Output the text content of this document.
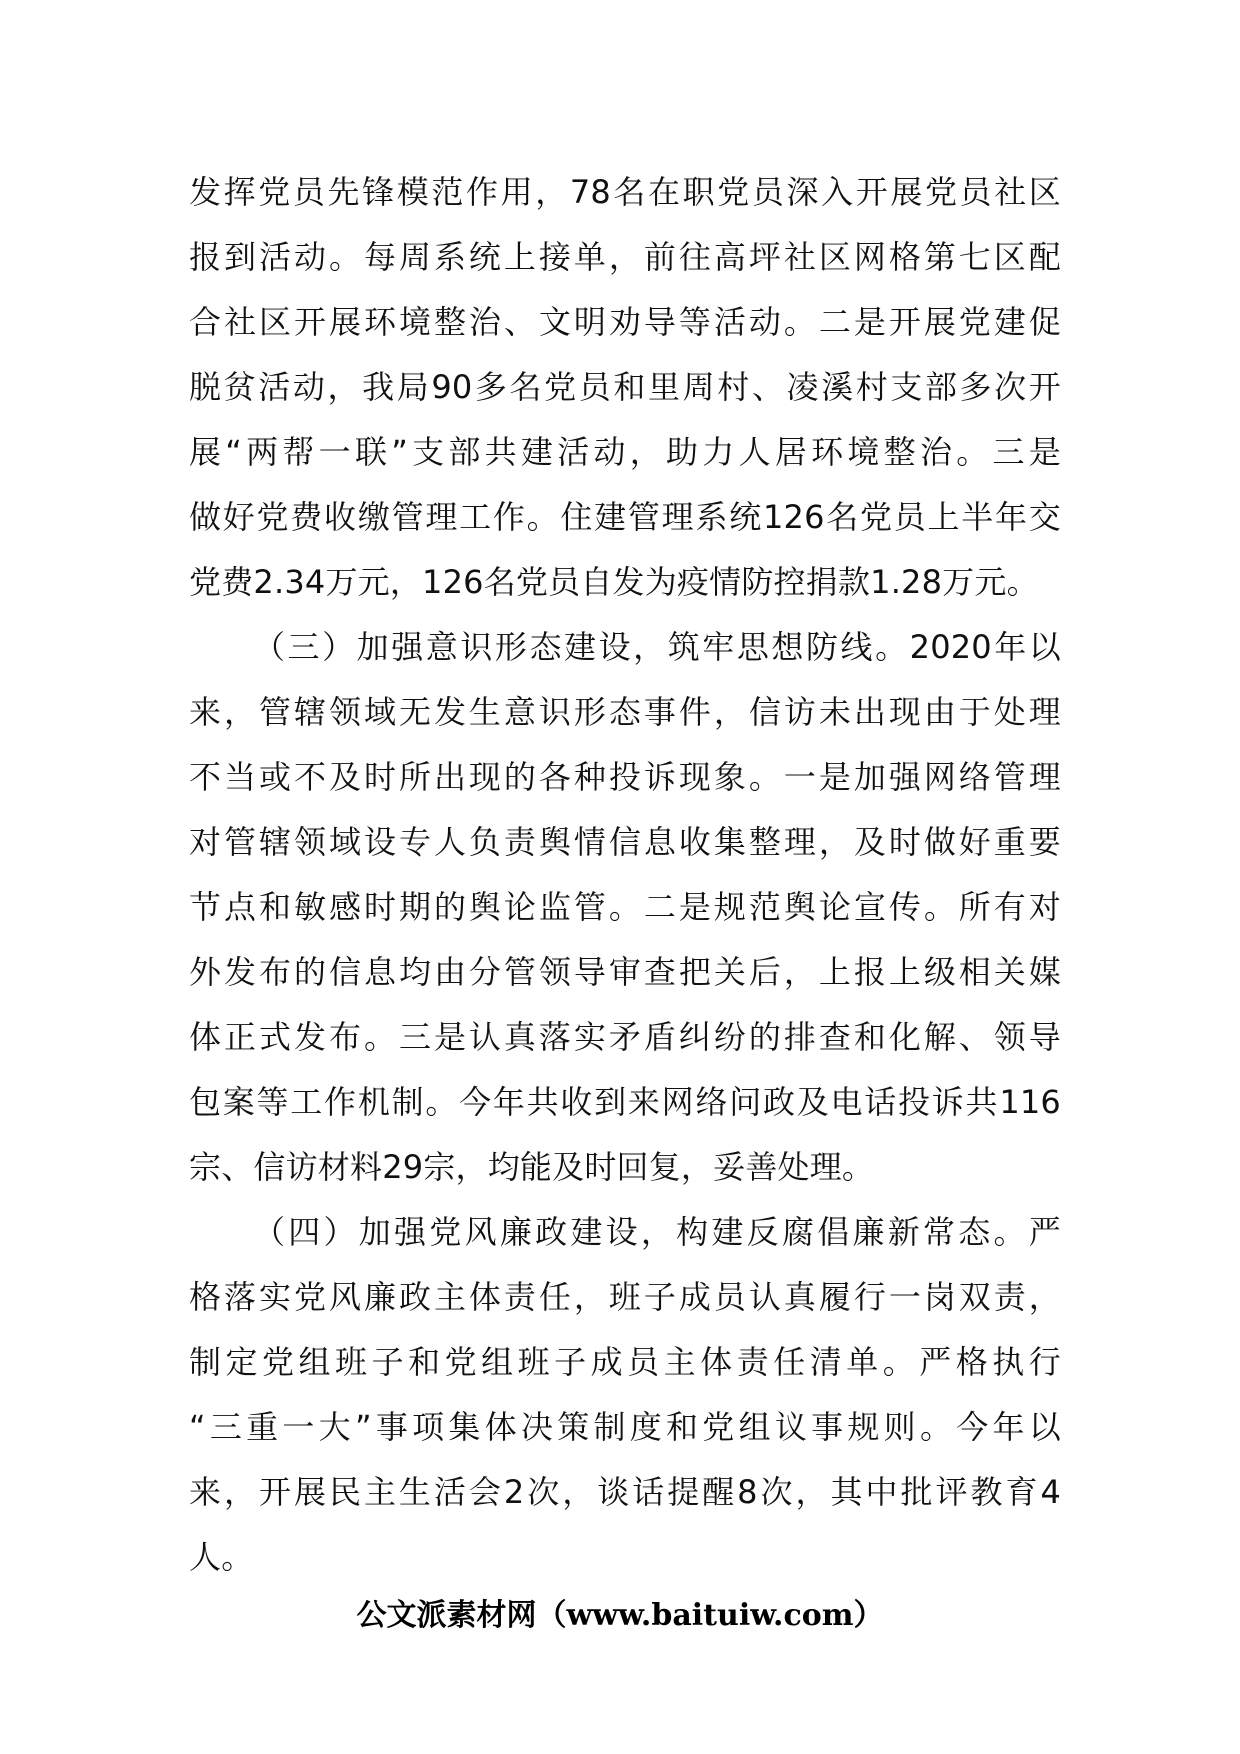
发挥党员先锋模范作用，78名在职党员深入开展党员社区
报到活动。每周系统上接单，前往高坪社区网格第七区配
合社区开展环境整治、文明劝导等活动。二是开展党建促
脱贫活动，我局90多名党员和里周村、凌溪村支部多次开
展“两帮一联”支部共建活动，助力人居环境整治。三是
做好党费收缴管理工作。住建管理系统126名党员上半年交
党费2.34万元，126名党员自发为疫情防控捐款1.28万元。
（三）加强意识形态建设，筑牢思想防线。2020年以
来，管辖领域无发生意识形态事件，信访未出现由于处理
不当或不及时所出现的各种投诉现象。一是加强网络管理
对管辖领域设专人负责舆情信息收集整理，及时做好重要
节点和敏感时期的舆论监管。二是规范舆论宣传。所有对
外发布的信息均由分管领导审查把关后，上报上级相关媒
体正式发布。三是认真落实矛盾纠纷的排查和化解、领导
包案等工作机制。今年共收到来网络问政及电话投诉共116
宗、信访材料29宗，均能及时回复，妥善处理。
（四）加强党风廉政建设，构建反腐倡廉新常态。严
格落实党风廉政主体责任，班子成员认真履行一岗双责，
制定党组班子和党组班子成员主体责任清单。严格执行
“三重一大”事项集体决策制度和党组议事规则。今年以
来，开展民主生活会2次，谈话提醒8次，其中批评教育4
人。
公文派素材网（www.baituiw.com）
